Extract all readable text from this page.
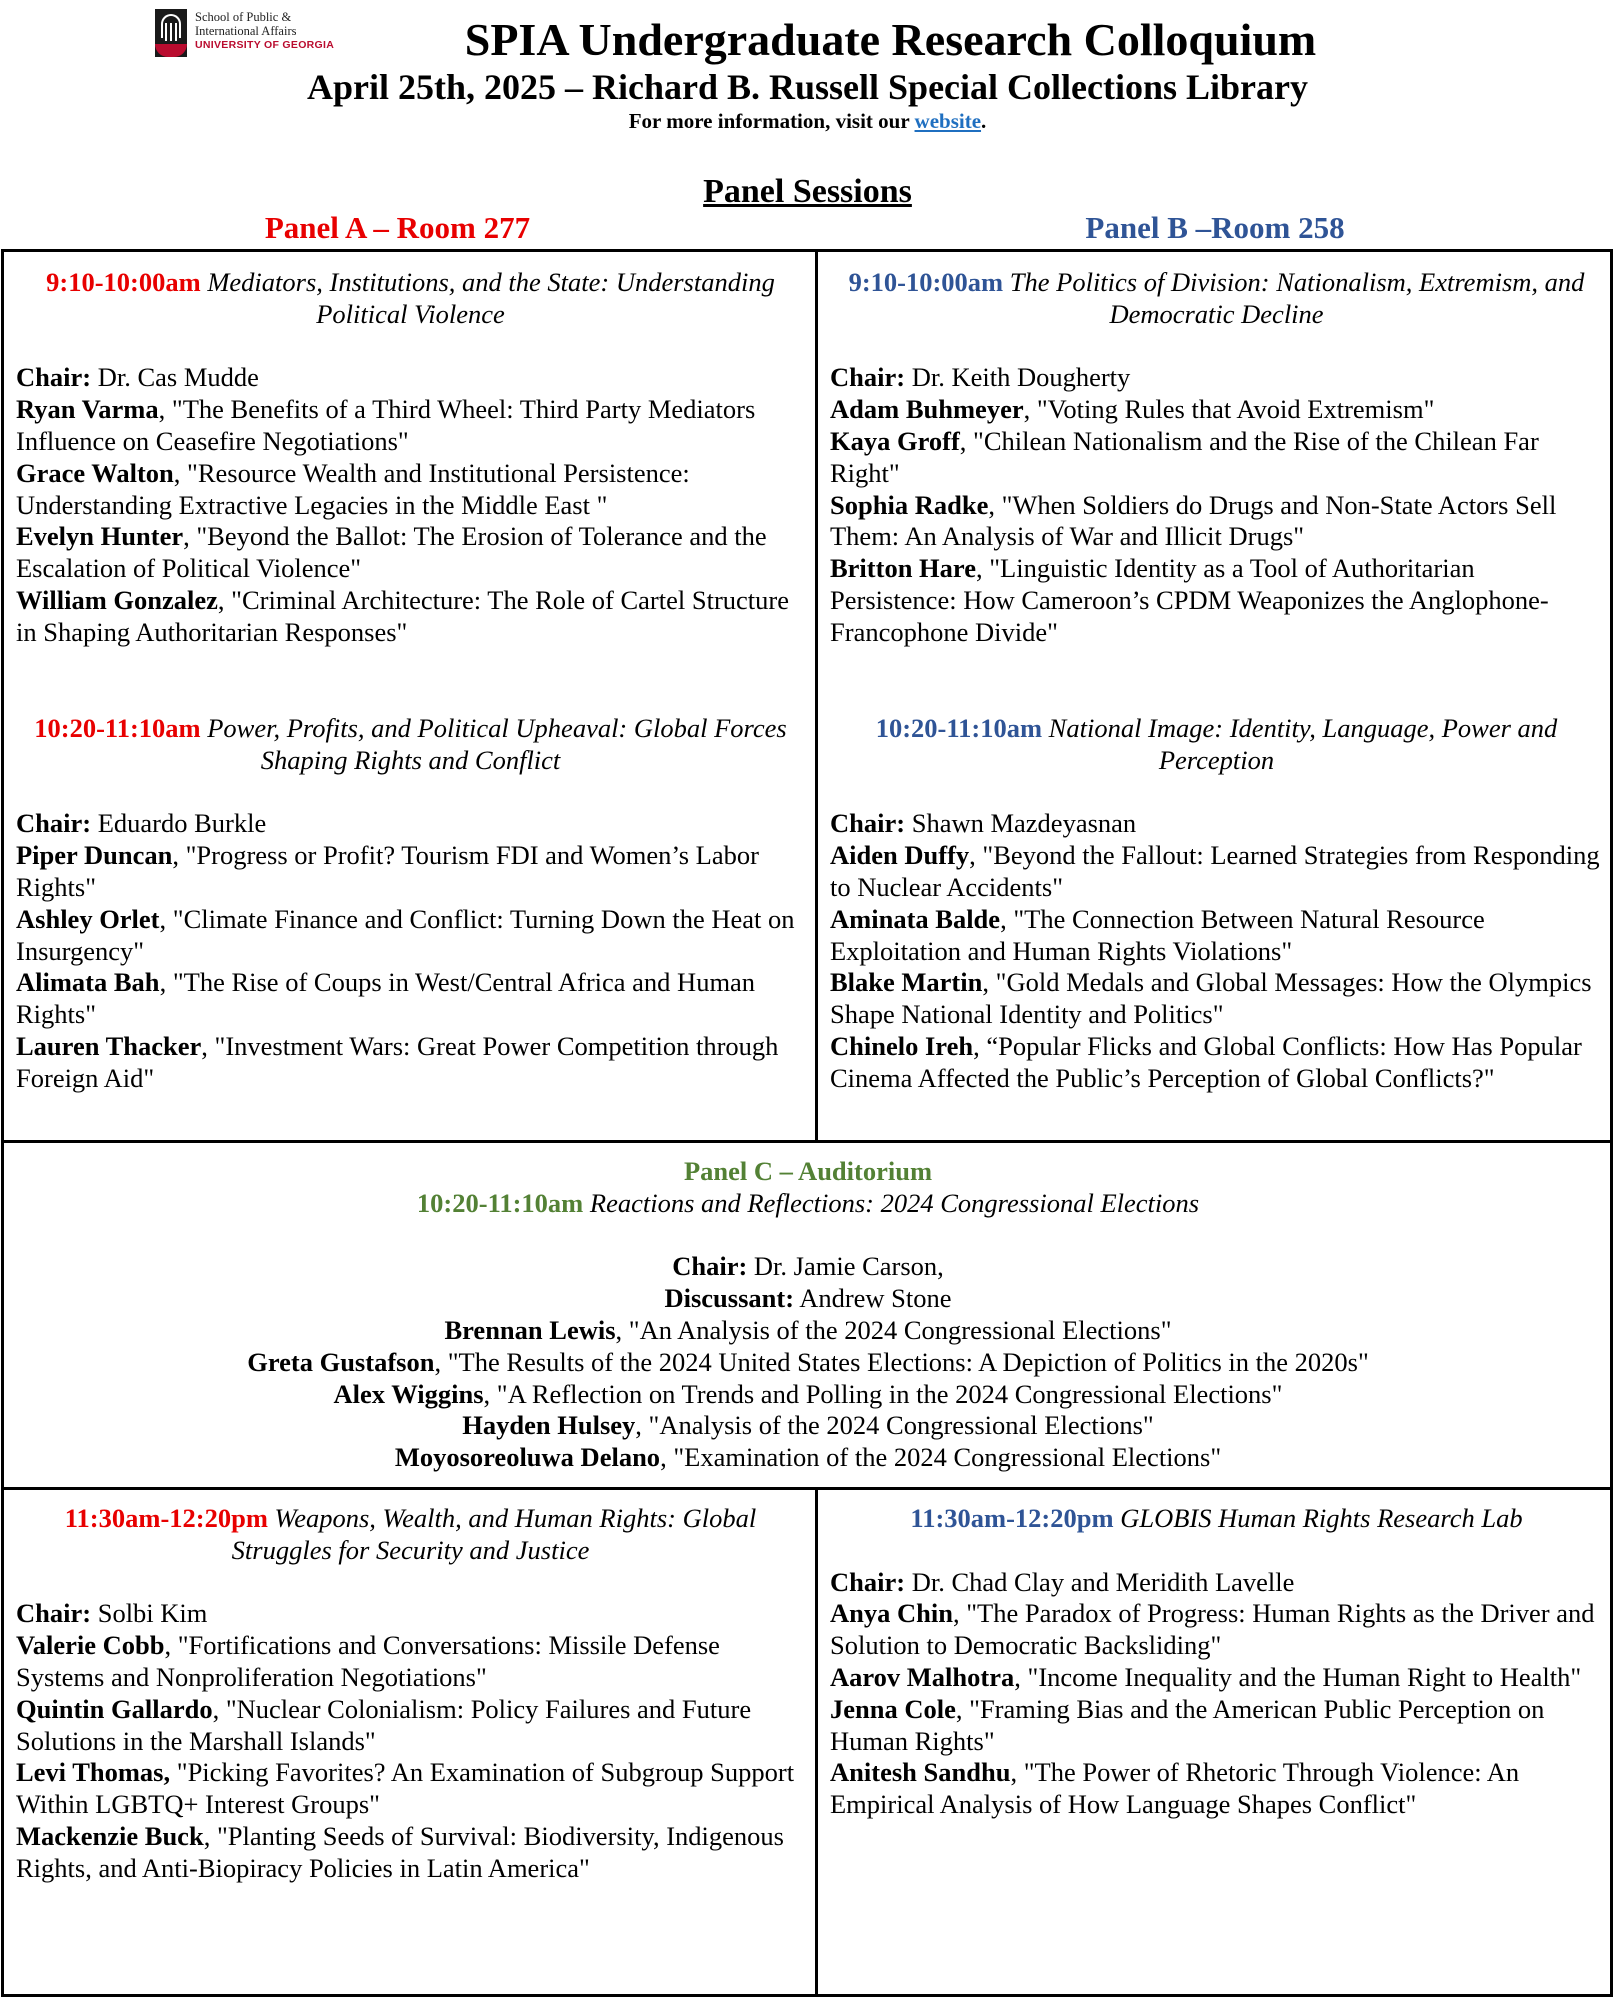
School of Public &
International Affairs
UNIVERSITY OF GEORGIA	SPIA Undergraduate Research Colloquium
April 25th, 2025 – Richard B. Russell Special Collections Library
For more information, visit our website.
Panel Sessions
Panel A – Room 277	Panel B –Room 258
9:10-10:00am Mediators, Institutions, and the State: Understanding Political Violence
Chair: Dr. Cas Mudde
Ryan Varma, "The Benefits of a Third Wheel: Third Party Mediators Influence on Ceasefire Negotiations"
Grace Walton, "Resource Wealth and Institutional Persistence: Understanding Extractive Legacies in the Middle East "
Evelyn Hunter, "Beyond the Ballot: The Erosion of Tolerance and the Escalation of Political Violence"
William Gonzalez, "Criminal Architecture: The Role of Cartel Structure in Shaping Authoritarian Responses"
9:10-10:00am The Politics of Division: Nationalism, Extremism, and Democratic Decline
Chair: Dr. Keith Dougherty
Adam Buhmeyer, "Voting Rules that Avoid Extremism"
Kaya Groff, "Chilean Nationalism and the Rise of the Chilean Far Right"
Sophia Radke, "When Soldiers do Drugs and Non-State Actors Sell Them: An Analysis of War and Illicit Drugs"
Britton Hare, "Linguistic Identity as a Tool of Authoritarian Persistence: How Cameroon’s CPDM Weaponizes the Anglophone-Francophone Divide"
10:20-11:10am Power, Profits, and Political Upheaval: Global Forces Shaping Rights and Conflict
Chair: Eduardo Burkle
Piper Duncan, "Progress or Profit? Tourism FDI and Women’s Labor Rights"
Ashley Orlet, "Climate Finance and Conflict: Turning Down the Heat on Insurgency"
Alimata Bah, "The Rise of Coups in West/Central Africa and Human Rights"
Lauren Thacker, "Investment Wars: Great Power Competition through Foreign Aid"
10:20-11:10am National Image: Identity, Language, Power and Perception
Chair: Shawn Mazdeyasnan
Aiden Duffy, "Beyond the Fallout: Learned Strategies from Responding to Nuclear Accidents"
Aminata Balde, "The Connection Between Natural Resource Exploitation and Human Rights Violations"
Blake Martin, "Gold Medals and Global Messages: How the Olympics Shape National Identity and Politics"
Chinelo Ireh, “Popular Flicks and Global Conflicts: How Has Popular Cinema Affected the Public’s Perception of Global Conflicts?"
Panel C – Auditorium
10:20-11:10am Reactions and Reflections: 2024 Congressional Elections
Chair: Dr. Jamie Carson,
Discussant: Andrew Stone
Brennan Lewis, "An Analysis of the 2024 Congressional Elections"
Greta Gustafson, "The Results of the 2024 United States Elections: A Depiction of Politics in the 2020s"
Alex Wiggins, "A Reflection on Trends and Polling in the 2024 Congressional Elections"
Hayden Hulsey, "Analysis of the 2024 Congressional Elections"
Moyosoreoluwa Delano, "Examination of the 2024 Congressional Elections"
11:30am-12:20pm Weapons, Wealth, and Human Rights: Global Struggles for Security and Justice
Chair: Solbi Kim
Valerie Cobb, "Fortifications and Conversations: Missile Defense Systems and Nonproliferation Negotiations"
Quintin Gallardo, "Nuclear Colonialism: Policy Failures and Future Solutions in the Marshall Islands"
Levi Thomas, "Picking Favorites? An Examination of Subgroup Support Within LGBTQ+ Interest Groups"
Mackenzie Buck, "Planting Seeds of Survival: Biodiversity, Indigenous Rights, and Anti-Biopiracy Policies in Latin America"
11:30am-12:20pm GLOBIS Human Rights Research Lab
Chair: Dr. Chad Clay and Meridith Lavelle
Anya Chin, "The Paradox of Progress: Human Rights as the Driver and Solution to Democratic Backsliding"
Aarov Malhotra, "Income Inequality and the Human Right to Health"
Jenna Cole, "Framing Bias and the American Public Perception on Human Rights"
Anitesh Sandhu, "The Power of Rhetoric Through Violence: An Empirical Analysis of How Language Shapes Conflict"
